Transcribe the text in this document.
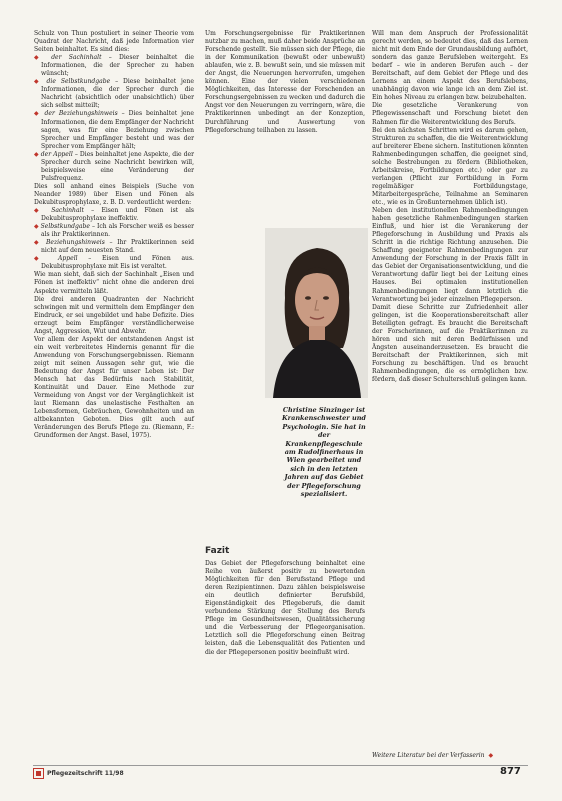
Schulz von Thun postuliert in seiner Theorie vom Quadrat der Nachricht, daß jede Information vier Seiten beinhaltet. Es sind dies:

◆ der Sachinhalt – Dieser beinhaltet die Informationen, die der Sprecher zu haben wünscht;

◆ die Selbstkundgabe – Diese beinhaltet jene Informationen, die der Sprecher durch die Nachricht (absichtlich oder unabsichtlich) über sich selbst mitteilt;

◆ der Beziehungshinweis – Dies beinhaltet jene Informationen, die dem Empfänger der Nachricht sagen, was für eine Beziehung zwischen Sprecher und Empfänger besteht und was der Sprecher vom Empfänger hält;

◆ der Appell – Dies beinhaltet jene Aspekte, die der Sprecher durch seine Nachricht bewirken will, beispielsweise eine Veränderung der Pulsfrequenz.

Dies soll anhand eines Beispiels (Suche von Neander 1989) über Eisen und Fönen als Dekubitusprophylaxe, z. B. D. verdeutlicht werden:

◆ Sachinhalt – Eisen und Fönen ist als Dekubitusprophylaxe ineffektiv.

◆ Selbstkundgabe – Ich als Forscher weiß es besser als ihr Praktikerinnen.

◆ Beziehungshinweis – Ihr Praktikerinnen seid nicht auf dem neuesten Stand.

◆ Appell – Eisen und Fönen aus. Dekubitusprophylaxe mit Eis ist veraltet.

Wie man sieht, daß sich der Sachinhalt „Eisen und Fönen ist ineffektiv“ nicht ohne die anderen drei Aspekte vermitteln läßt.

Die drei anderen Quadranten der Nachricht schwingen mit und vermitteln dem Empfänger den Eindruck, er sei ungebildet und habe Defizite. Dies erzeugt beim Empfänger verständlicherweise Angst, Aggression, Wut und Abwehr.

Vor allem der Aspekt der entstandenen Angst ist ein weit verbreitetes Hindernis genannt für die Anwendung von Forschungsergebnissen. Riemann zeigt mit seinen Aussagen sehr gut, wie die Bedeutung der Angst für unser Leben ist: Der Mensch hat das Bedürfnis nach Stabilität, Kontinuität und Dauer. Eine Methode zur Vermeidung von Angst vor der Vergänglichkeit ist laut Riemann das unelastische Festhalten an Lebensformen, Gebräuchen, Gewohnheiten und an altbekannten Geboten. Dies gilt auch auf Veränderungen des Berufs Pflege zu. (Riemann, F.: Grundformen der Angst. Basel, 1975).

Um Forschungsergebnisse für Praktikerinnen nutzbar zu machen, muß daher beide Ansprüche an Forschende gestellt. Sie müssen sich der Pflege, die in der Kommunikation (bewußt oder unbewußt) ablaufen, wie z. B. bewußt sein, und sie müssen mit der Angst, die Neuerungen hervorrufen, umgehen können. Eine der vielen verschiedenen Möglichkeiten, das Interesse der Forschenden an Forschungsergebnissen zu wecken und dadurch die Angst vor den Neuerungen zu verringern, wäre, die Praktikerinnen unbedingt an der Konzeption, Durchführung und Auswertung von Pflegeforschung teilhaben zu lassen.

Christine Sinzinger ist Krankenschwester und Psychologin. Sie hat in der Krankenpflegeschule am Rudolfinerhaus in Wien gearbeitet und sich in den letzten Jahren auf das Gebiet der Pflegeforschung spezialisiert.
Fazit

Das Gebiet der Pflegeforschung beinhaltet eine Reihe von äußerst positiv zu bewertenden Möglichkeiten für den Berufsstand Pflege und deren Rezipientinnen. Dazu zählen beispielsweise ein deutlich definierter Berufsbild, Eigenständigkeit des Pflegeberufs, die damit verbundene Stärkung der Stellung des Berufs Pflege im Gesundheitswesen, Qualitätssicherung und die Verbesserung der Pflegeorganisation. Letztlich soll die Pflegeforschung einen Beitrag leisten, daß die Lebensqualität des Patienten und die der Pflegepersonen positiv beeinflußt wird.

Will man dem Anspruch der Professionalität gerecht werden, so bedeutet dies, daß das Lernen nicht mit dem Ende der Grundausbildung aufhört, sondern das ganze Berufsleben weitergeht. Es bedarf – wie in anderen Berufen auch – der Bereitschaft, auf dem Gebiet der Pflege und des Lernens an einem Aspekt des Berufslebens, unabhängig davon wie lange ich an dem Ziel ist. Ein hohes Niveau zu erlangen bzw. beizubehalten.

Die gesetzliche Verankerung von Pflegewissenschaft und Forschung bietet den Rahmen für die Weiterentwicklung des Berufs.

Bei den nächsten Schritten wird es darum gehen, Strukturen zu schaffen, die die Weiterentwicklung auf breiterer Ebene sichern. Institutionen könnten Rahmenbedingungen schaffen, die geeignet sind, solche Bestrebungen zu fördern (Bibliotheken, Arbeitskreise, Fortbildungen etc.) oder gar zu verlangen (Pflicht zur Fortbildung in Form regelmäßiger Fortbildungstage, Mitarbeitergespräche, Teilnahme an Seminaren etc., wie es in Großunternehmen üblich ist).

Neben den institutionellen Rahmenbedingungen haben gesetzliche Rahmenbedingungen starken Einfluß, und hier ist die Verankerung der Pflegeforschung in Ausbildung und Praxis als Schritt in die richtige Richtung anzusehen. Die Schaffung geeigneter Rahmenbedingungen zur Anwendung der Forschung in der Praxis fällt in das Gebiet der Organisationsentwicklung, und die Verantwortung dafür liegt bei der Leitung eines Hauses. Bei optimalen institutionellen Rahmenbedingungen liegt dann letztlich die Verantwortung bei jeder einzelnen Pflegeperson.

Damit diese Schritte zur Zufriedenheit aller gelingen, ist die Kooperationsbereitschaft aller Beteiligten gefragt. Es braucht die Bereitschaft der Forscherinnen, auf die Praktikerinnen zu hören und sich mit deren Bedürfnissen und Ängsten auseinanderzusetzen. Es braucht die Bereitschaft der Praktikerinnen, sich mit Forschung zu beschäftigen. Und es braucht Rahmenbedingungen, die es ermöglichen bzw. fördern, daß dieser Schulterschluß gelingen kann.

Weitere Literatur bei der Verfasserin ◆
Pflegezeitschrift 11/98	877
